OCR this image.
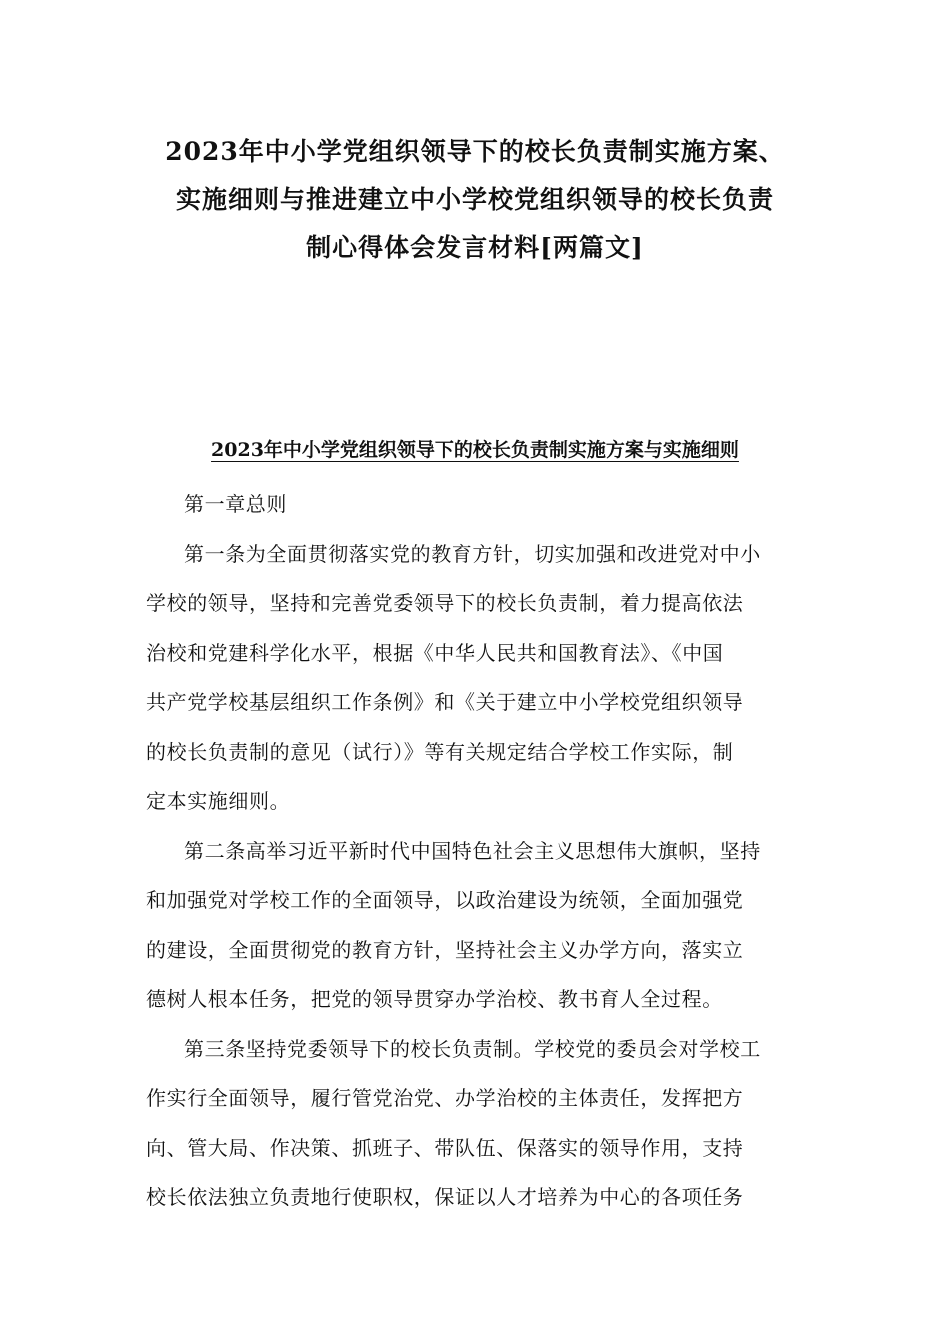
2023年中小学党组织领导下的校长负责制实施方案、
实施细则与推进建立中小学校党组织领导的校长负责
制心得体会发言材料[两篇文]
2023年中小学党组织领导下的校长负责制实施方案与实施细则

第一章总则

第一条为全面贯彻落实党的教育方针，切实加强和改进党对中小
学校的领导，坚持和完善党委领导下的校长负责制，着力提高依法
治校和党建科学化水平，根据《中华人民共和国教育法》、《中国
共产党学校基层组织工作条例》和《关于建立中小学校党组织领导
的校长负责制的意见（试行）》等有关规定结合学校工作实际，制
定本实施细则。

第二条高举习近平新时代中国特色社会主义思想伟大旗帜，坚持
和加强党对学校工作的全面领导，以政治建设为统领，全面加强党
的建设，全面贯彻党的教育方针，坚持社会主义办学方向，落实立
德树人根本任务，把党的领导贯穿办学治校、教书育人全过程。

第三条坚持党委领导下的校长负责制。学校党的委员会对学校工
作实行全面领导，履行管党治党、办学治校的主体责任，发挥把方
向、管大局、作决策、抓班子、带队伍、保落实的领导作用，支持
校长依法独立负责地行使职权，保证以人才培养为中心的各项任务
